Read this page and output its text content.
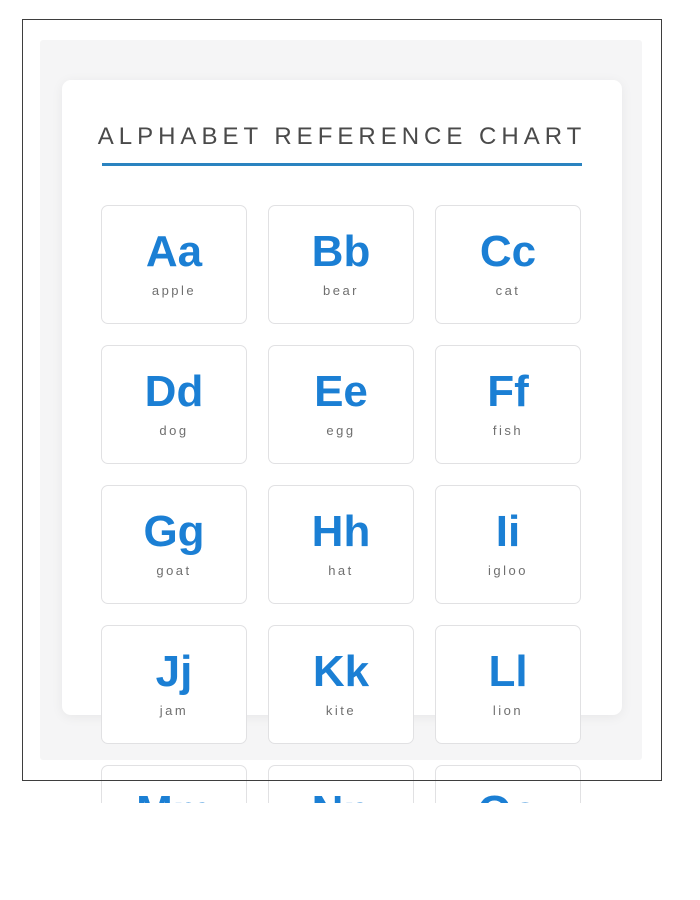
ALPHABET REFERENCE CHART
Aa
apple
Bb
bear
Cc
cat
Dd
dog
Ee
egg
Ff
fish
Gg
goat
Hh
hat
Ii
igloo
Jj
jam
Kk
kite
Ll
lion
